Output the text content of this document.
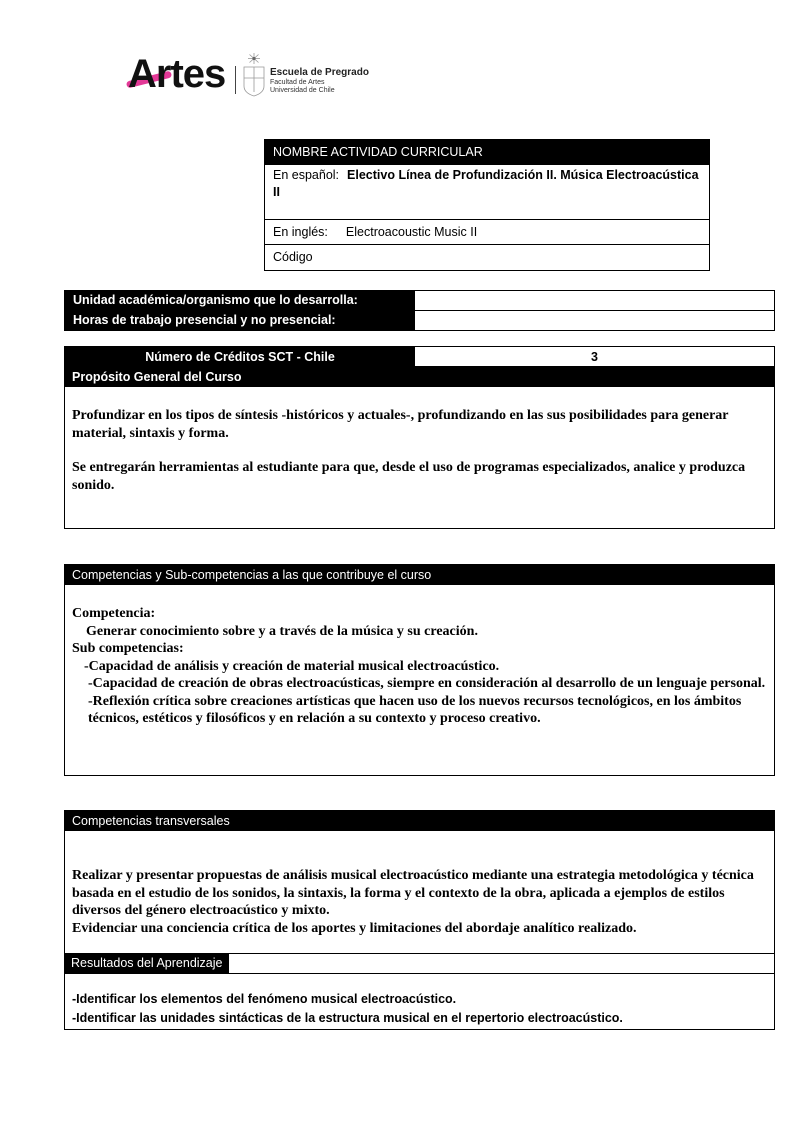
Artes	Escuela de Pregrado
Facultad de Artes
Universidad de Chile
NOMBRE ACTIVIDAD CURRICULAR
En español: Electivo Línea de Profundización II. Música Electroacústica II
En inglés: Electroacoustic Music II
Código
Unidad académica/organismo que lo desarrolla:
Horas de trabajo presencial y no presencial:
Número de Créditos SCT - Chile	3
Propósito General del Curso

Profundizar en los tipos de síntesis -históricos y actuales-, profundizando en las sus posibilidades para generar material, sintaxis y forma.

Se entregarán herramientas al estudiante para que, desde el uso de programas especializados, analice y produzca sonido.

Competencias y Sub-competencias a las que contribuye el curso
Competencia:
Generar conocimiento sobre y a través de la música y su creación.
Sub competencias:
-Capacidad de análisis y creación de material musical electroacústico.
-Capacidad de creación de obras electroacústicas, siempre en consideración al desarrollo de un lenguaje personal.
-Reflexión crítica sobre creaciones artísticas que hacen uso de los nuevos recursos tecnológicos, en los ámbitos técnicos, estéticos y filosóficos y en relación a su contexto y proceso creativo.
Competencias transversales
Realizar y presentar propuestas de análisis musical electroacústico mediante una estrategia metodológica y técnica basada en el estudio de los sonidos, la sintaxis, la forma y el contexto de la obra, aplicada a ejemplos de estilos diversos del género electroacústico y mixto.
Evidenciar una conciencia crítica de los aportes y limitaciones del abordaje analítico realizado.
Resultados del Aprendizaje
-Identificar los elementos del fenómeno musical electroacústico.
-Identificar las unidades sintácticas de la estructura musical en el repertorio electroacústico.
